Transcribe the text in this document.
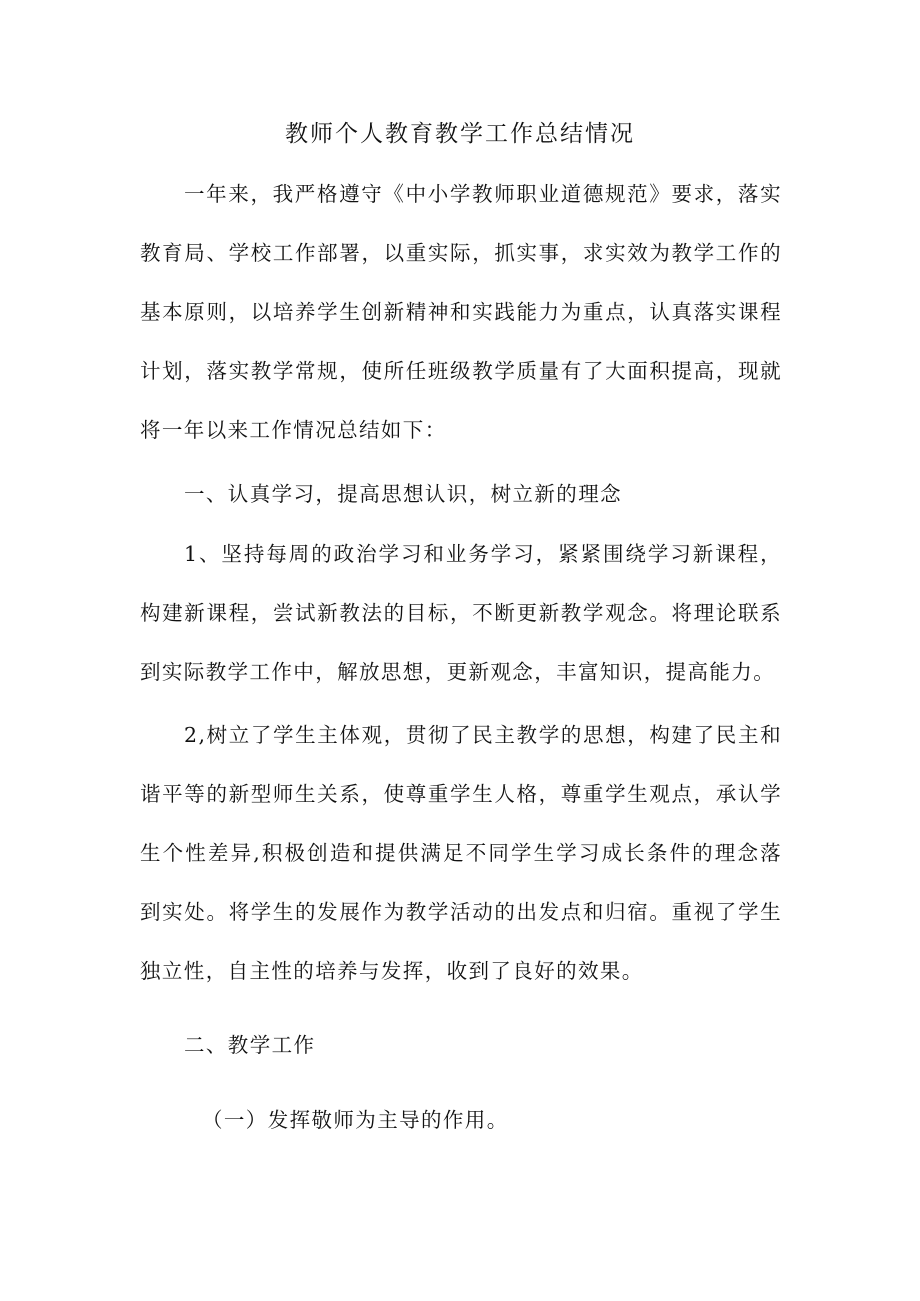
教师个人教育教学工作总结情况

一年来，我严格遵守《中小学教师职业道德规范》要求，落实教育局、学校工作部署，以重实际，抓实事，求实效为教学工作的基本原则，以培养学生创新精神和实践能力为重点，认真落实课程计划，落实教学常规，使所任班级教学质量有了大面积提高，现就将一年以来工作情况总结如下：

一、认真学习，提高思想认识，树立新的理念

1、坚持每周的政治学习和业务学习，紧紧围绕学习新课程，构建新课程，尝试新教法的目标，不断更新教学观念。将理论联系到实际教学工作中，解放思想，更新观念，丰富知识，提高能力。

2,树立了学生主体观，贯彻了民主教学的思想，构建了民主和谐平等的新型师生关系，使尊重学生人格，尊重学生观点，承认学生个性差异,积极创造和提供满足不同学生学习成长条件的理念落到实处。将学生的发展作为教学活动的出发点和归宿。重视了学生独立性，自主性的培养与发挥，收到了良好的效果。

二、教学工作

（一）发挥敬师为主导的作用。
